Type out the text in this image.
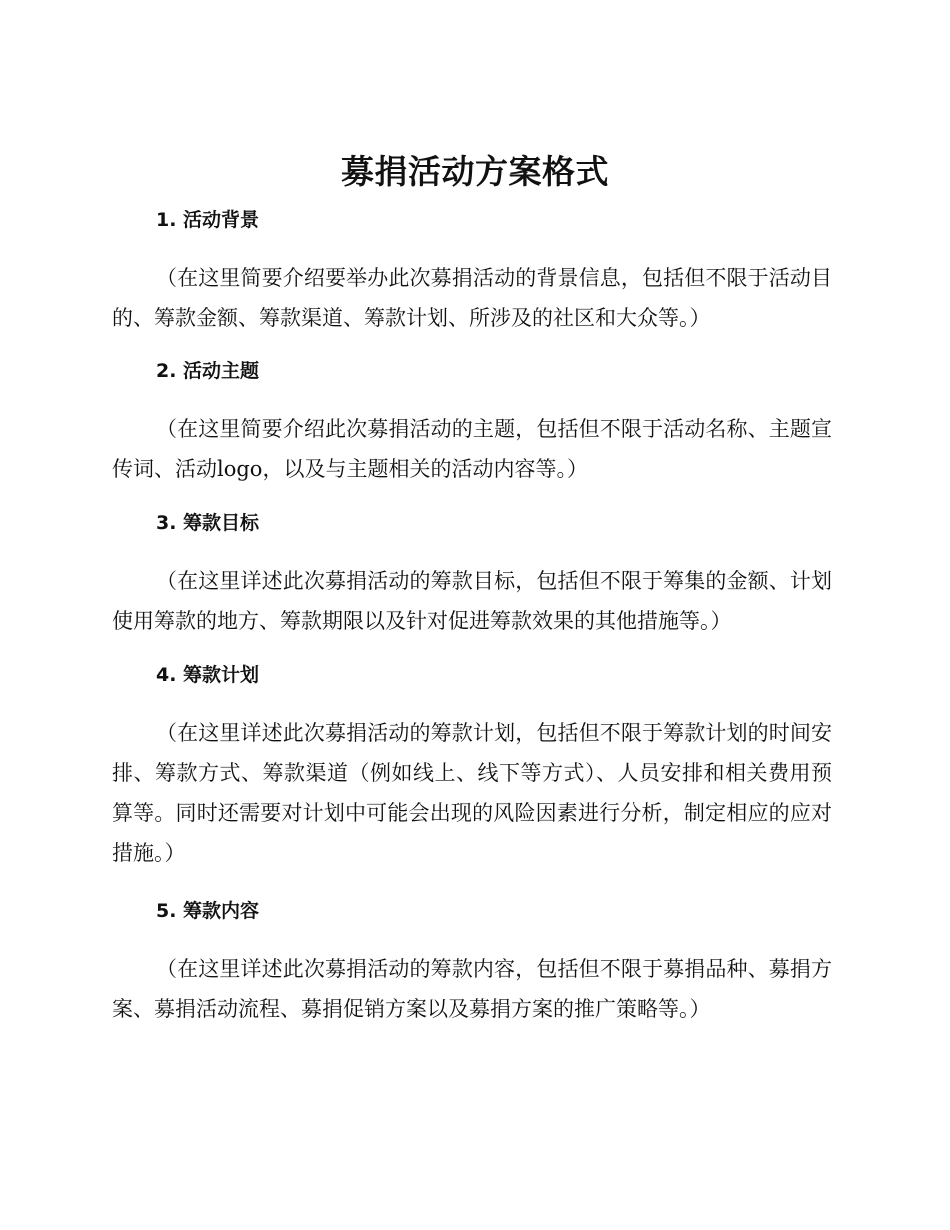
募捐活动方案格式
1. 活动背景

（在这里简要介绍要举办此次募捐活动的背景信息，包括但不限于活动目的、筹款金额、筹款渠道、筹款计划、所涉及的社区和大众等。）

2. 活动主题

（在这里简要介绍此次募捐活动的主题，包括但不限于活动名称、主题宣传词、活动logo，以及与主题相关的活动内容等。）

3. 筹款目标

（在这里详述此次募捐活动的筹款目标，包括但不限于筹集的金额、计划使用筹款的地方、筹款期限以及针对促进筹款效果的其他措施等。）

4. 筹款计划

（在这里详述此次募捐活动的筹款计划，包括但不限于筹款计划的时间安排、筹款方式、筹款渠道（例如线上、线下等方式）、人员安排和相关费用预算等。同时还需要对计划中可能会出现的风险因素进行分析，制定相应的应对措施。）

5. 筹款内容

（在这里详述此次募捐活动的筹款内容，包括但不限于募捐品种、募捐方案、募捐活动流程、募捐促销方案以及募捐方案的推广策略等。）
